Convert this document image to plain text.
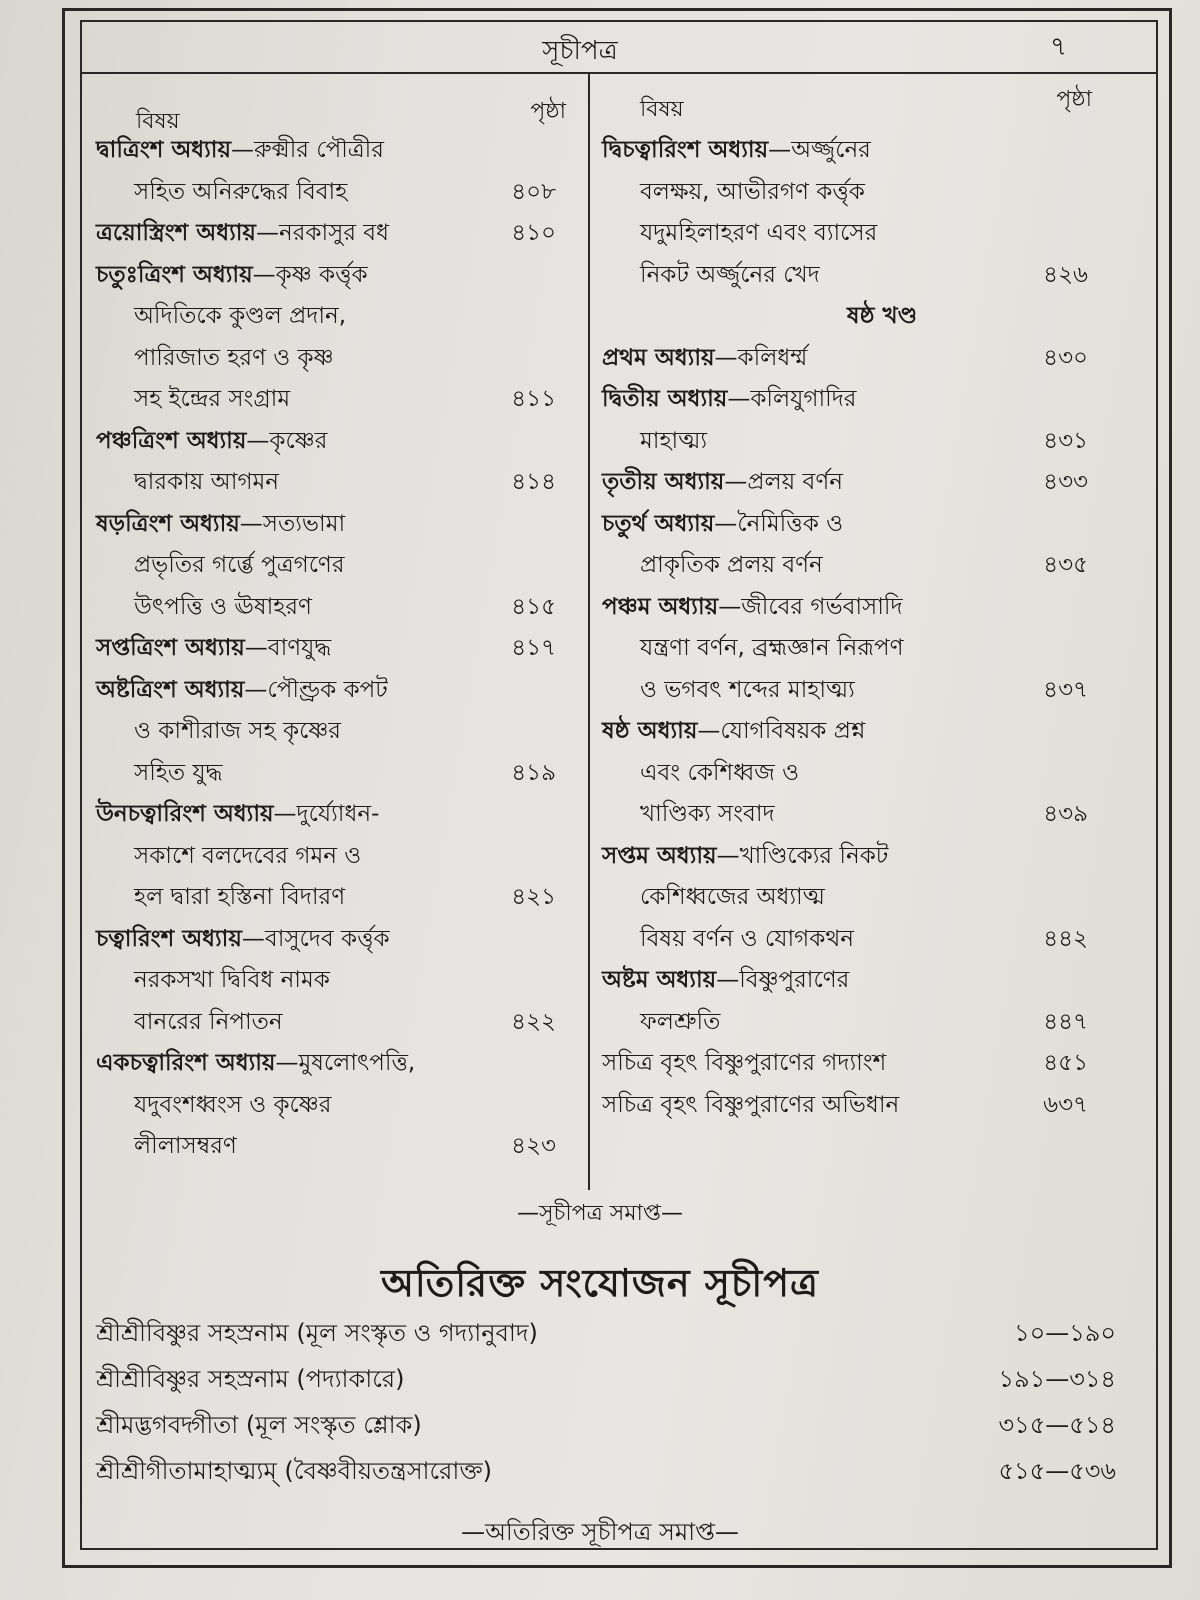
সূচীপত্র	৭
বিষয়	পৃষ্ঠা
দ্বাত্রিংশ অধ্যায়—রুক্মীর পৌত্রীর
সহিত অনিরুদ্ধের বিবাহ	৪০৮
ত্রয়োস্ত্রিংশ অধ্যায়—নরকাসুর বধ	৪১০
চতুঃত্রিংশ অধ্যায়—কৃষ্ণ কর্ত্তৃক
অদিতিকে কুণ্ডল প্রদান,
পারিজাত হরণ ও কৃষ্ণ
সহ ইন্দ্রের সংগ্রাম	৪১১
পঞ্চত্রিংশ অধ্যায়—কৃষ্ণের
দ্বারকায় আগমন	৪১৪
ষড়ত্রিংশ অধ্যায়—সত্যভামা
প্রভৃতির গর্ব্ভে পুত্রগণের
উৎপত্তি ও ঊষাহরণ	৪১৫
সপ্তত্রিংশ অধ্যায়—বাণযুদ্ধ	৪১৭
অষ্টত্রিংশ অধ্যায়—পৌণ্ড্রক কপট
ও কাশীরাজ সহ কৃষ্ণের
সহিত যুদ্ধ	৪১৯
উনচত্বারিংশ অধ্যায়—দুর্য্যোধন-
সকাশে বলদেবের গমন ও
হল দ্বারা হস্তিনা বিদারণ	৪২১
চত্বারিংশ অধ্যায়—বাসুদেব কর্ত্তৃক
নরকসখা দ্বিবিধ নামক
বানরের নিপাতন	৪২২
একচত্বারিংশ অধ্যায়—মুষলোৎপত্তি,
যদুবংশধ্বংস ও কৃষ্ণের
লীলাসম্বরণ	৪২৩
বিষয়	পৃষ্ঠা
দ্বিচত্বারিংশ অধ্যায়—অর্জ্জুনের
বলক্ষয়, আভীরগণ কর্ত্তৃক
যদুমহিলাহরণ এবং ব্যাসের
নিকট অর্জ্জুনের খেদ	৪২৬
ষষ্ঠ খণ্ড
প্রথম অধ্যায়—কলিধর্ম্ম	৪৩০
দ্বিতীয় অধ্যায়—কলিযুগাদির
মাহাত্ম্য	৪৩১
তৃতীয় অধ্যায়—প্রলয় বর্ণন	৪৩৩
চতুর্থ অধ্যায়—নৈমিত্তিক ও
প্রাকৃতিক প্রলয় বর্ণন	৪৩৫
পঞ্চম অধ্যায়—জীবের গর্ভবাসাদি
যন্ত্রণা বর্ণন, ব্রহ্মজ্ঞান নিরূপণ
ও ভগবৎ শব্দের মাহাত্ম্য	৪৩৭
ষষ্ঠ অধ্যায়—যোগবিষয়ক প্রশ্ন
এবং কেশিধ্বজ ও
খাণ্ডিক্য সংবাদ	৪৩৯
সপ্তম অধ্যায়—খাণ্ডিক্যের নিকট
কেশিধ্বজের অধ্যাত্ম
বিষয় বর্ণন ও যোগকথন	৪৪২
অষ্টম অধ্যায়—বিষ্ণুপুরাণের
ফলশ্রুতি	৪৪৭
সচিত্র বৃহৎ বিষ্ণুপুরাণের গদ্যাংশ	৪৫১
সচিত্র বৃহৎ বিষ্ণুপুরাণের অভিধান	৬৩৭
—সূচীপত্র সমাপ্ত—
অতিরিক্ত সংযোজন সূচীপত্র
শ্রীশ্রীবিষ্ণুর সহস্রনাম (মূল সংস্কৃত ও গদ্যানুবাদ)	১০—১৯০
শ্রীশ্রীবিষ্ণুর সহস্রনাম (পদ্যাকারে)	১৯১—৩১৪
শ্রীমদ্ভগবদ্গীতা (মূল সংস্কৃত শ্লোক)	৩১৫—৫১৪
শ্রীশ্রীগীতামাহাত্ম্যম্ (বৈষ্ণবীয়তন্ত্রসারোক্ত)	৫১৫—৫৩৬
—অতিরিক্ত সূচীপত্র সমাপ্ত—
